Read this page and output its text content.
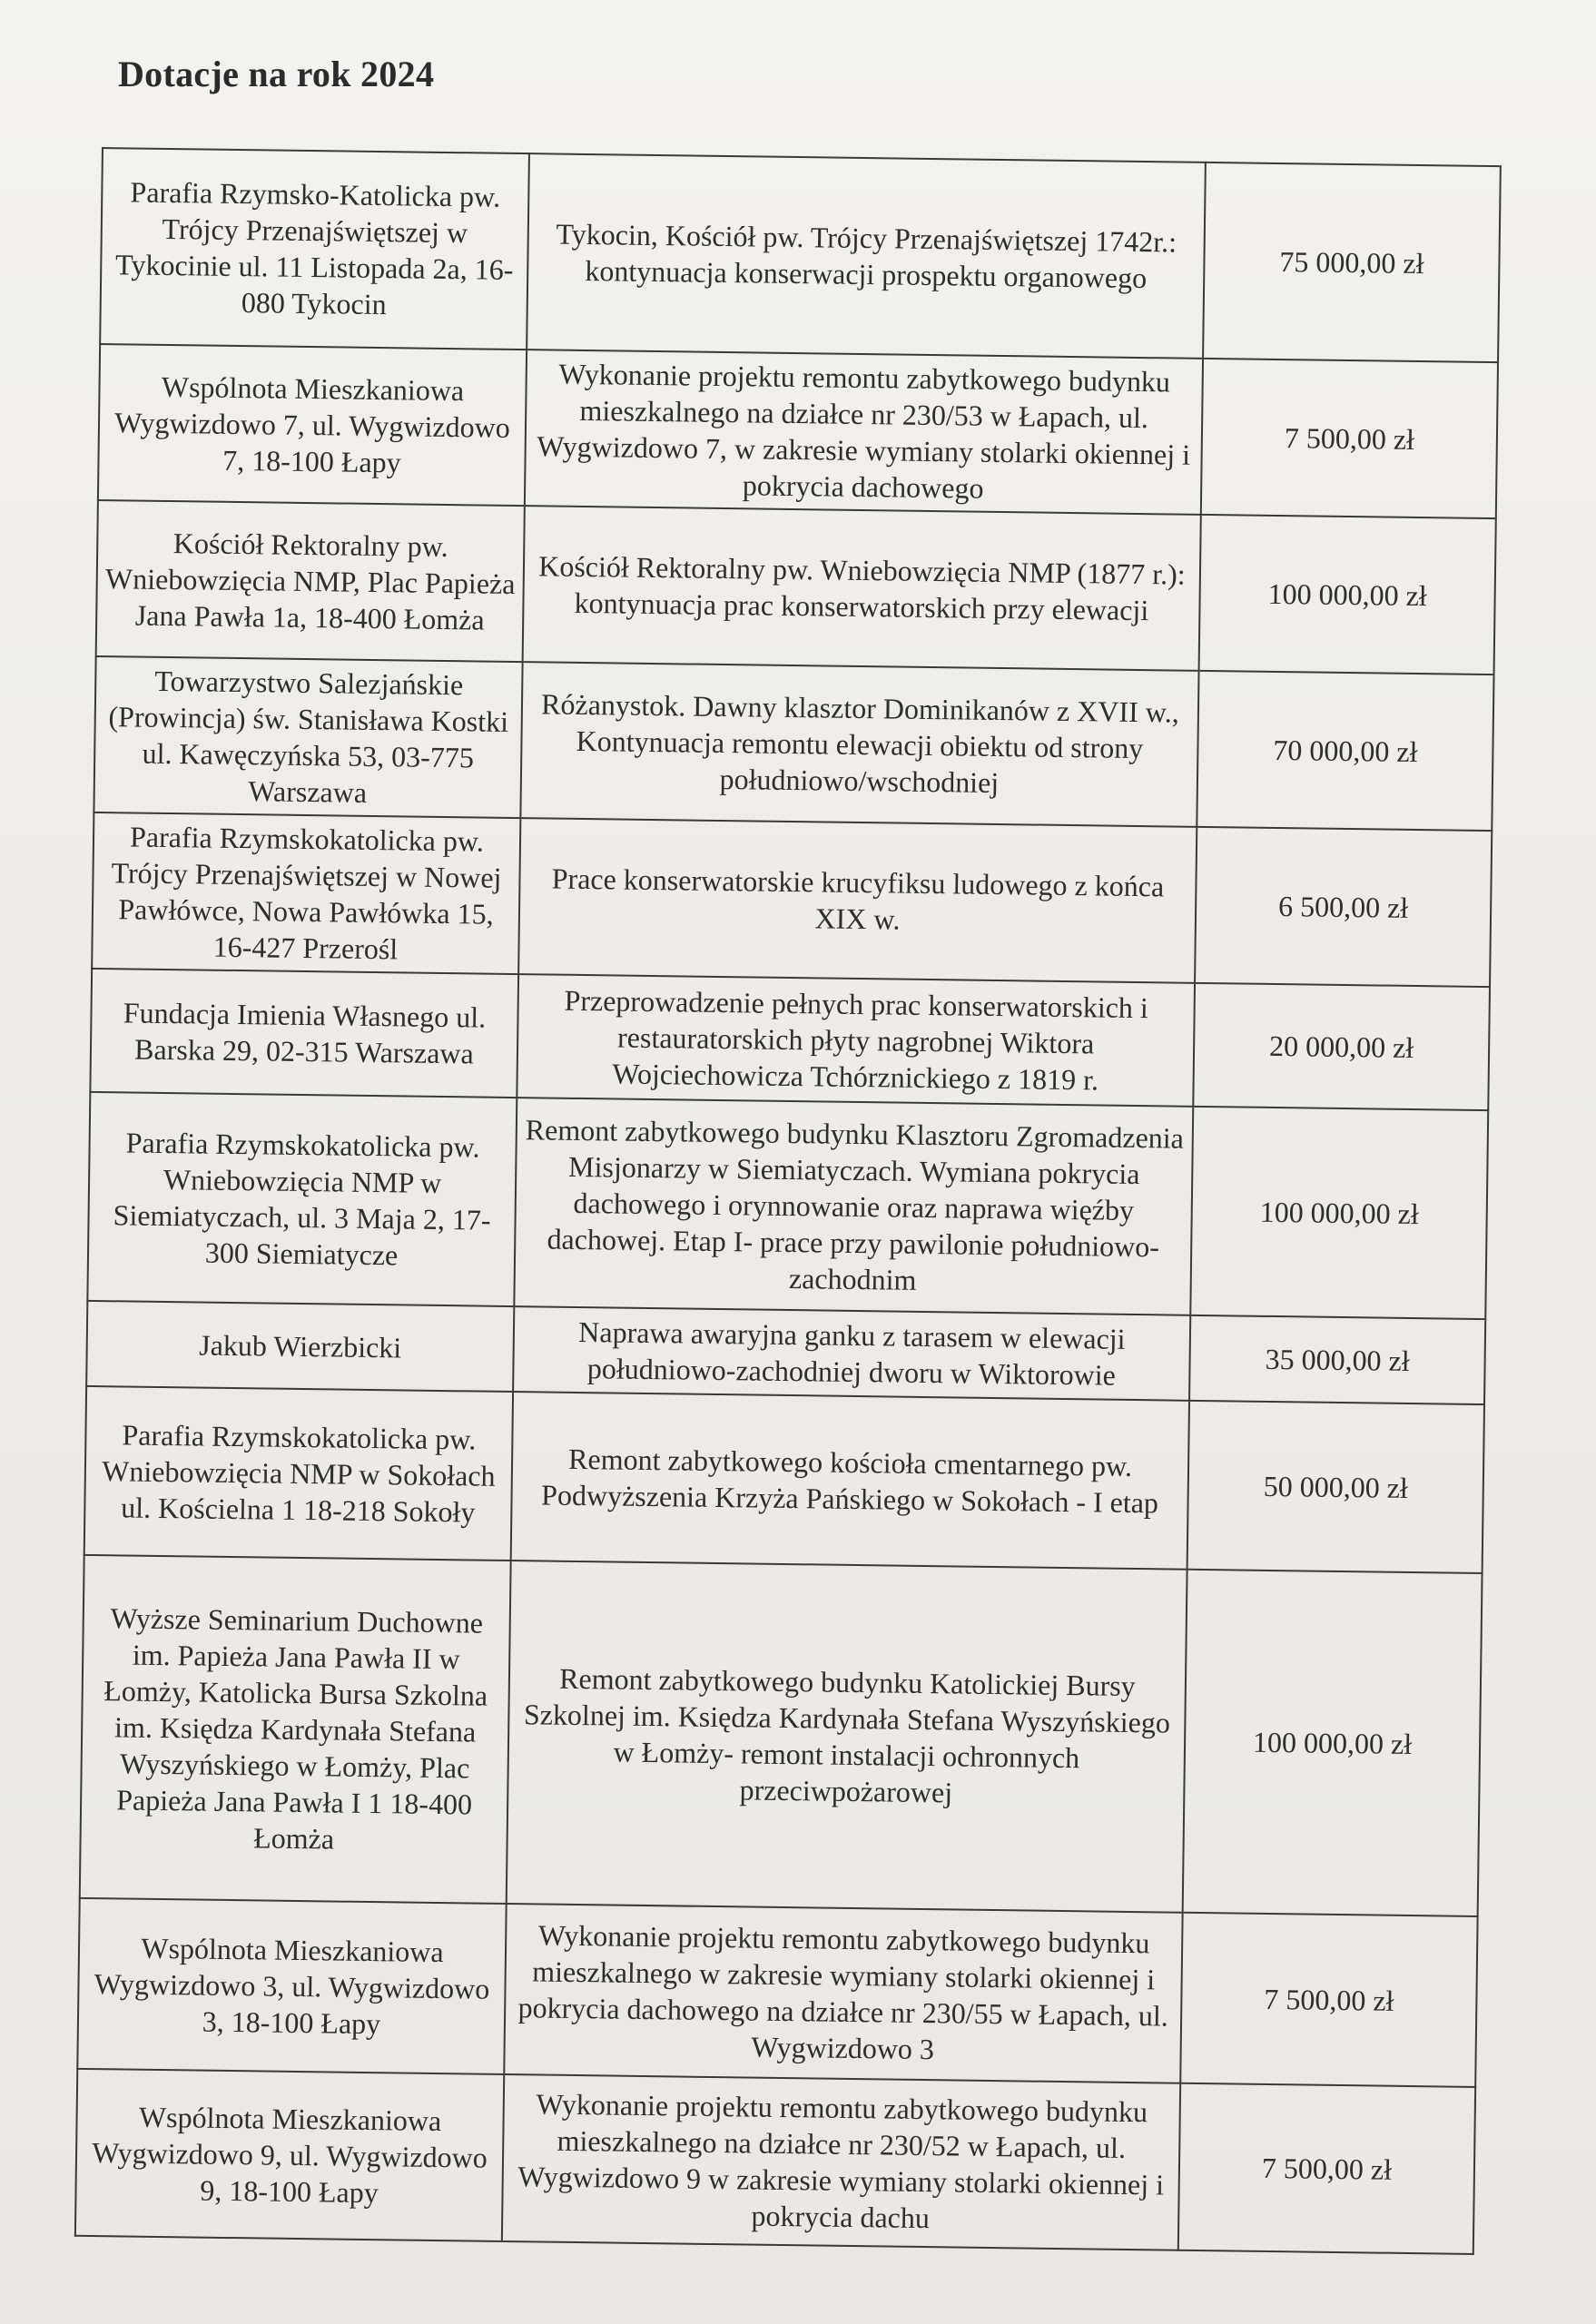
Dotacje na rok 2024
Parafia Rzymsko-Katolicka pw. Trójcy Przenajświętszej w Tykocinie ul. 11 Listopada 2a, 16-080 Tykocin	Tykocin, Kościół pw. Trójcy Przenajświętszej 1742r.: kontynuacja konserwacji prospektu organowego	75 000,00 zł
Wspólnota Mieszkaniowa Wygwizdowo 7, ul. Wygwizdowo 7, 18-100 Łapy	Wykonanie projektu remontu zabytkowego budynku mieszkalnego na działce nr 230/53 w Łapach, ul. Wygwizdowo 7, w zakresie wymiany stolarki okiennej i pokrycia dachowego	7 500,00 zł
Kościół Rektoralny pw. Wniebowzięcia NMP, Plac Papieża Jana Pawła 1a, 18-400 Łomża	Kościół Rektoralny pw. Wniebowzięcia NMP (1877 r.): kontynuacja prac konserwatorskich przy elewacji	100 000,00 zł
Towarzystwo Salezjańskie (Prowincja) św. Stanisława Kostki ul. Kawęczyńska 53, 03-775 Warszawa	Różanystok. Dawny klasztor Dominikanów z XVII w., Kontynuacja remontu elewacji obiektu od strony południowo/wschodniej	70 000,00 zł
Parafia Rzymskokatolicka pw. Trójcy Przenajświętszej w Nowej Pawłówce, Nowa Pawłówka 15, 16-427 Przerośl	Prace konserwatorskie krucyfiksu ludowego z końca XIX w.	6 500,00 zł
Fundacja Imienia Własnego ul. Barska 29, 02-315 Warszawa	Przeprowadzenie pełnych prac konserwatorskich i restauratorskich płyty nagrobnej Wiktora Wojciechowicza Tchórznickiego z 1819 r.	20 000,00 zł
Parafia Rzymskokatolicka pw. Wniebowzięcia NMP w Siemiatyczach, ul. 3 Maja 2, 17-300 Siemiatycze	Remont zabytkowego budynku Klasztoru Zgromadzenia Misjonarzy w Siemiatyczach. Wymiana pokrycia dachowego i orynnowanie oraz naprawa więźby dachowej. Etap I- prace przy pawilonie południowo-zachodnim	100 000,00 zł
Jakub Wierzbicki	Naprawa awaryjna ganku z tarasem w elewacji południowo-zachodniej dworu w Wiktorowie	35 000,00 zł
Parafia Rzymskokatolicka pw. Wniebowzięcia NMP w Sokołach ul. Kościelna 1 18-218 Sokoły	Remont zabytkowego kościoła cmentarnego pw. Podwyższenia Krzyża Pańskiego w Sokołach - I etap	50 000,00 zł
Wyższe Seminarium Duchowne im. Papieża Jana Pawła II w Łomży, Katolicka Bursa Szkolna im. Księdza Kardynała Stefana Wyszyńskiego w Łomży, Plac Papieża Jana Pawła I 1 18-400 Łomża	Remont zabytkowego budynku Katolickiej Bursy Szkolnej im. Księdza Kardynała Stefana Wyszyńskiego w Łomży- remont instalacji ochronnych przeciwpożarowej	100 000,00 zł
Wspólnota Mieszkaniowa Wygwizdowo 3, ul. Wygwizdowo 3, 18-100 Łapy	Wykonanie projektu remontu zabytkowego budynku mieszkalnego w zakresie wymiany stolarki okiennej i pokrycia dachowego na działce nr 230/55 w Łapach, ul. Wygwizdowo 3	7 500,00 zł
Wspólnota Mieszkaniowa Wygwizdowo 9, ul. Wygwizdowo 9, 18-100 Łapy	Wykonanie projektu remontu zabytkowego budynku mieszkalnego na działce nr 230/52 w Łapach, ul. Wygwizdowo 9 w zakresie wymiany stolarki okiennej i pokrycia dachu	7 500,00 zł
